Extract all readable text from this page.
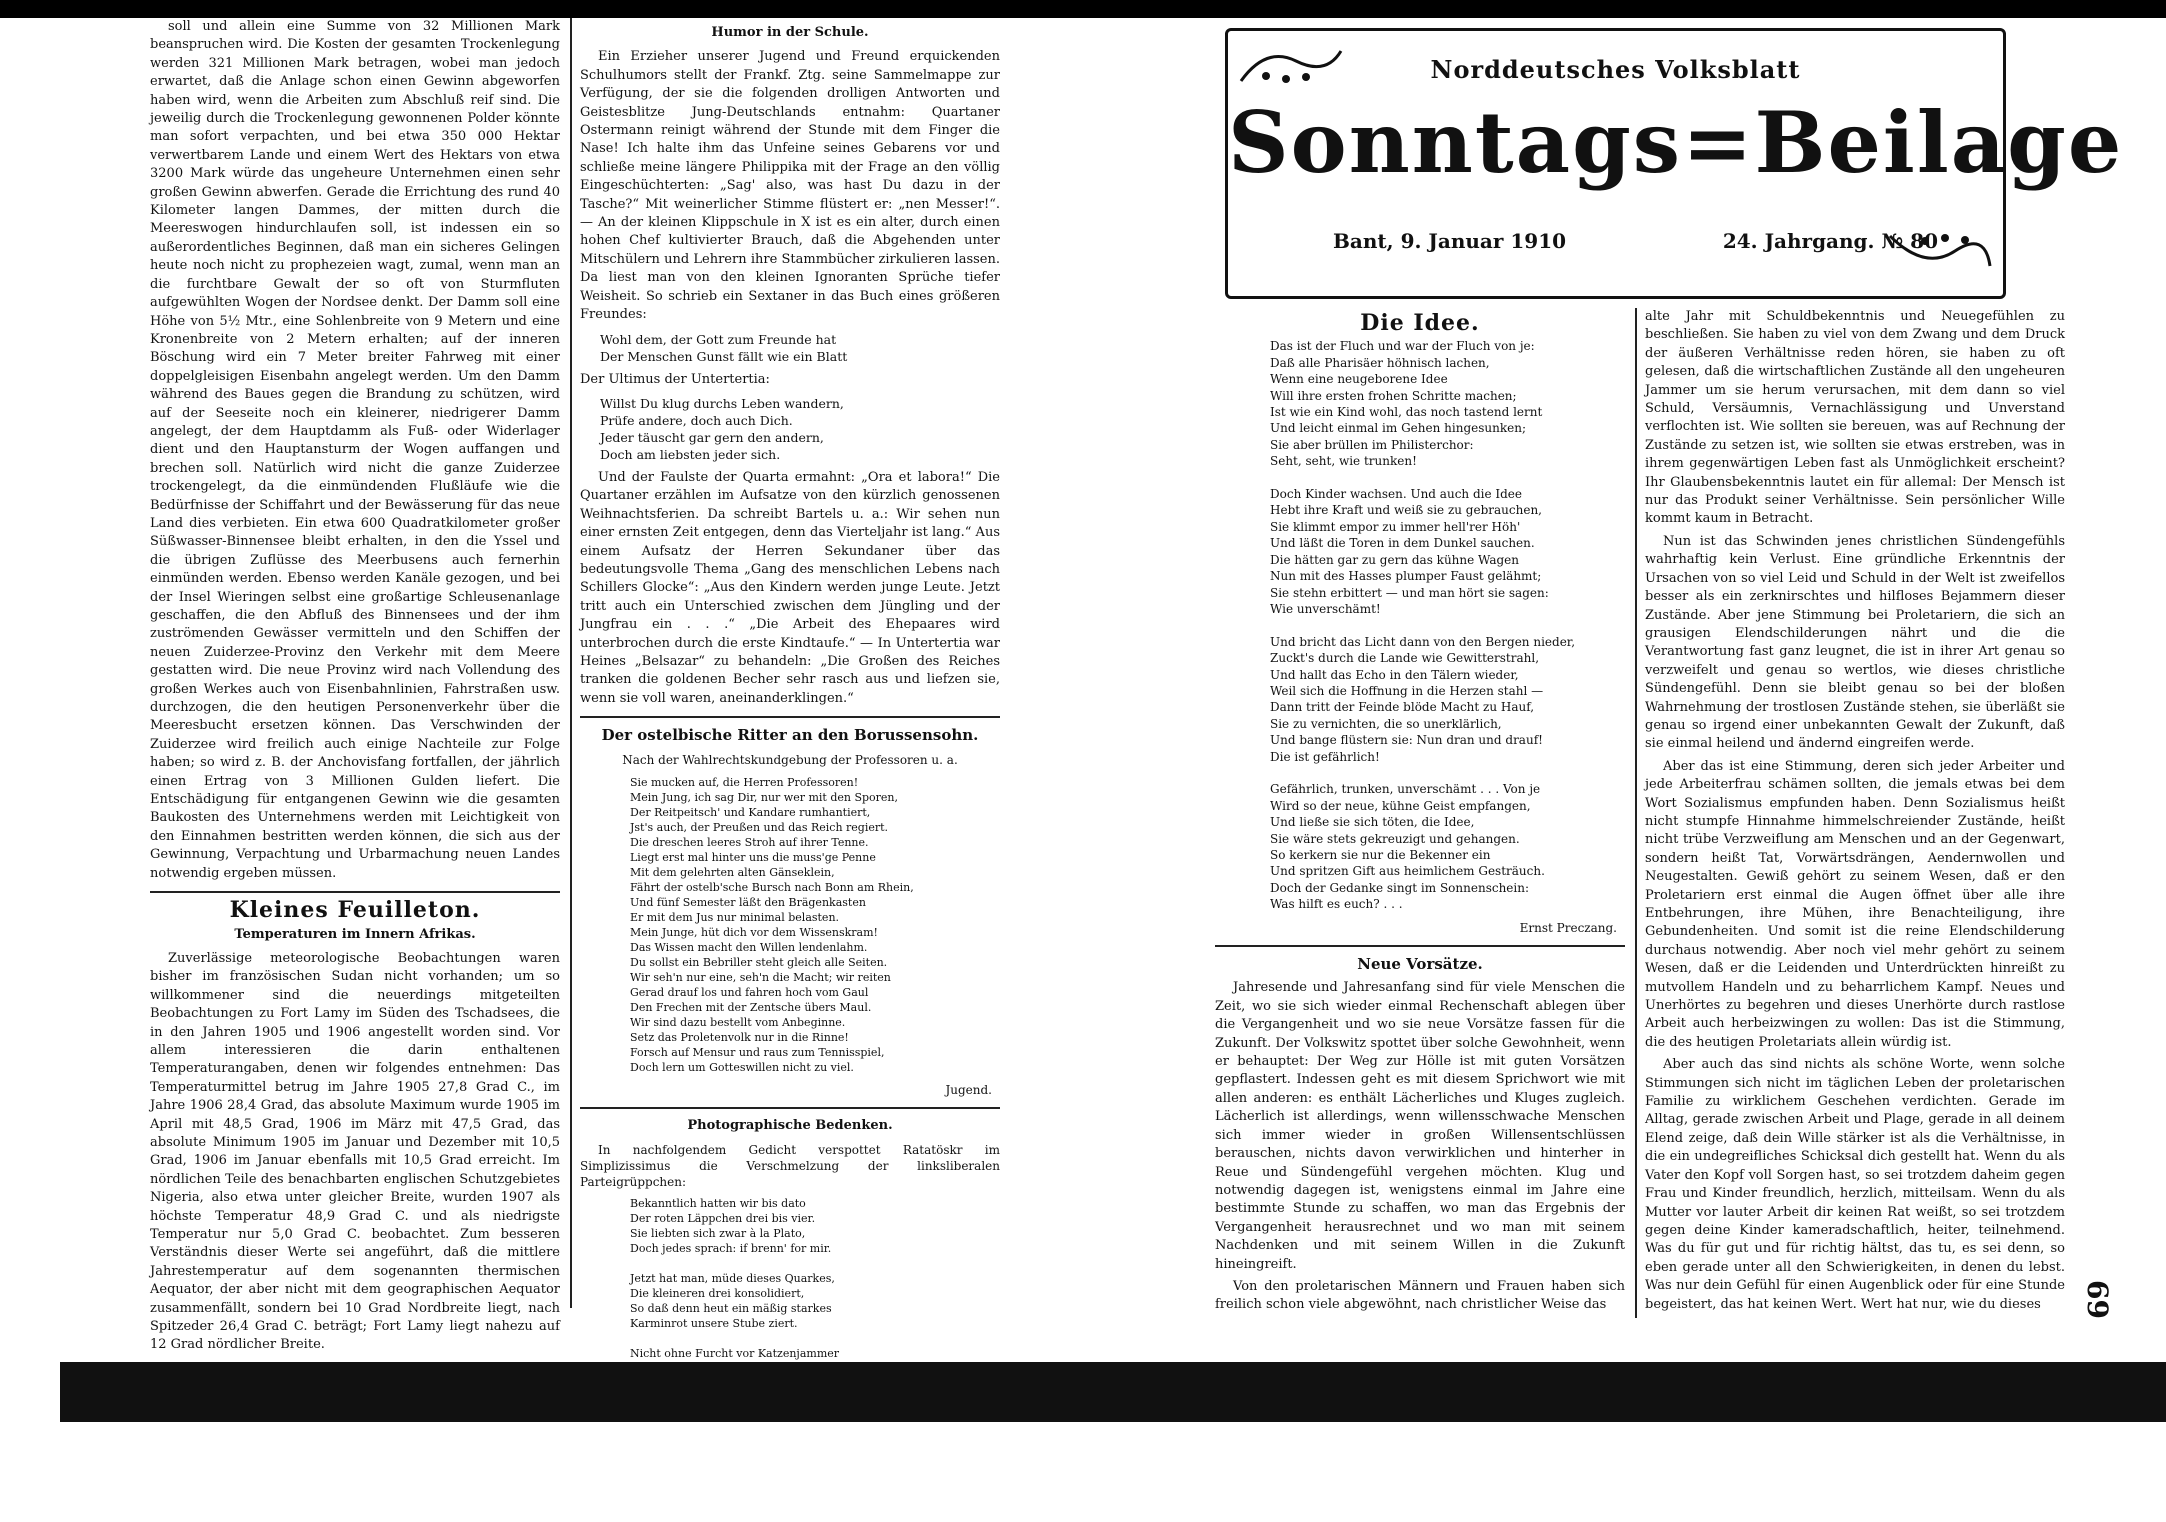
soll und allein eine Summe von 32 Millionen Mark beanspruchen wird. Die Kosten der gesamten Trockenlegung werden 321 Millionen Mark betragen, wobei man jedoch erwartet, daß die Anlage schon einen Gewinn abgeworfen haben wird, wenn die Arbeiten zum Abschluß reif sind. Die jeweilig durch die Trockenlegung gewonnenen Polder könnte man sofort verpachten, und bei etwa 350 000 Hektar verwertbarem Lande und einem Wert des Hektars von etwa 3200 Mark würde das ungeheure Unternehmen einen sehr großen Gewinn abwerfen. Gerade die Errichtung des rund 40 Kilometer langen Dammes, der mitten durch die Meereswogen hindurchlaufen soll, ist indessen ein so außerordentliches Beginnen, daß man ein sicheres Gelingen heute noch nicht zu prophezeien wagt, zumal, wenn man an die furchtbare Gewalt der so oft von Sturmfluten aufgewühlten Wogen der Nordsee denkt. Der Damm soll eine Höhe von 5½ Mtr., eine Sohlenbreite von 9 Metern und eine Kronenbreite von 2 Metern erhalten; auf der inneren Böschung wird ein 7 Meter breiter Fahrweg mit einer doppelgleisigen Eisenbahn angelegt werden. Um den Damm während des Baues gegen die Brandung zu schützen, wird auf der Seeseite noch ein kleinerer, niedrigerer Damm angelegt, der dem Hauptdamm als Fuß- oder Widerlager dient und den Hauptansturm der Wogen auffangen und brechen soll. Natürlich wird nicht die ganze Zuiderzee trockengelegt, da die einmündenden Flußläufe wie die Bedürfnisse der Schiffahrt und der Bewässerung für das neue Land dies verbieten. Ein etwa 600 Quadratkilometer großer Süßwasser-Binnensee bleibt erhalten, in den die Yssel und die übrigen Zuflüsse des Meerbusens auch fernerhin einmünden werden. Ebenso werden Kanäle gezogen, und bei der Insel Wieringen selbst eine großartige Schleusenanlage geschaffen, die den Abfluß des Binnensees und der ihm zuströmenden Gewässer vermitteln und den Schiffen der neuen Zuiderzee-Provinz den Verkehr mit dem Meere gestatten wird. Die neue Provinz wird nach Vollendung des großen Werkes auch von Eisenbahnlinien, Fahrstraßen usw. durchzogen, die den heutigen Personenverkehr über die Meeresbucht ersetzen können. Das Verschwinden der Zuiderzee wird freilich auch einige Nachteile zur Folge haben; so wird z. B. der Anchovisfang fortfallen, der jährlich einen Ertrag von 3 Millionen Gulden liefert. Die Entschädigung für entgangenen Gewinn wie die gesamten Baukosten des Unternehmens werden mit Leichtigkeit von den Einnahmen bestritten werden können, die sich aus der Gewinnung, Verpachtung und Urbarmachung neuen Landes notwendig ergeben müssen.

Kleines Feuilleton.
Temperaturen im Innern Afrikas.

Zuverlässige meteorologische Beobachtungen waren bisher im französischen Sudan nicht vorhanden; um so willkommener sind die neuerdings mitgeteilten Beobachtungen zu Fort Lamy im Süden des Tschadsees, die in den Jahren 1905 und 1906 angestellt worden sind. Vor allem interessieren die darin enthaltenen Temperaturangaben, denen wir folgendes entnehmen: Das Temperaturmittel betrug im Jahre 1905 27,8 Grad C., im Jahre 1906 28,4 Grad, das absolute Maximum wurde 1905 im April mit 48,5 Grad, 1906 im März mit 47,5 Grad, das absolute Minimum 1905 im Januar und Dezember mit 10,5 Grad, 1906 im Januar ebenfalls mit 10,5 Grad erreicht. Im nördlichen Teile des benachbarten englischen Schutzgebietes Nigeria, also etwa unter gleicher Breite, wurden 1907 als höchste Temperatur 48,9 Grad C. und als niedrigste Temperatur nur 5,0 Grad C. beobachtet. Zum besseren Verständnis dieser Werte sei angeführt, daß die mittlere Jahrestemperatur auf dem sogenannten thermischen Aequator, der aber nicht mit dem geographischen Aequator zusammenfällt, sondern bei 10 Grad Nordbreite liegt, nach Spitzeder 26,4 Grad C. beträgt; Fort Lamy liegt nahezu auf 12 Grad nördlicher Breite.

Humor in der Schule.

Ein Erzieher unserer Jugend und Freund erquickenden Schulhumors stellt der Frankf. Ztg. seine Sammelmappe zur Verfügung, der sie die folgenden drolligen Antworten und Geistesblitze Jung-Deutschlands entnahm: Quartaner Ostermann reinigt während der Stunde mit dem Finger die Nase! Ich halte ihm das Unfeine seines Gebarens vor und schließe meine längere Philippika mit der Frage an den völlig Eingeschüchterten: „Sag' also, was hast Du dazu in der Tasche?“ Mit weinerlicher Stimme flüstert er: „nen Messer!“. — An der kleinen Klippschule in X ist es ein alter, durch einen hohen Chef kultivierter Brauch, daß die Abgehenden unter Mitschülern und Lehrern ihre Stammbücher zirkulieren lassen. Da liest man von den kleinen Ignoranten Sprüche tiefer Weisheit. So schrieb ein Sextaner in das Buch eines größeren Freundes:

Wohl dem, der Gott zum Freunde hat
Der Menschen Gunst fällt wie ein Blatt

Der Ultimus der Untertertia:

Willst Du klug durchs Leben wandern,
Prüfe andere, doch auch Dich.
Jeder täuscht gar gern den andern,
Doch am liebsten jeder sich.

Und der Faulste der Quarta ermahnt: „Ora et labora!“ Die Quartaner erzählen im Aufsatze von den kürzlich genossenen Weihnachtsferien. Da schreibt Bartels u. a.: Wir sehen nun einer ernsten Zeit entgegen, denn das Vierteljahr ist lang.“ Aus einem Aufsatz der Herren Sekundaner über das bedeutungsvolle Thema „Gang des menschlichen Lebens nach Schillers Glocke“: „Aus den Kindern werden junge Leute. Jetzt tritt auch ein Unterschied zwischen dem Jüngling und der Jungfrau ein . . .“ „Die Arbeit des Ehepaares wird unterbrochen durch die erste Kindtaufe.“ — In Untertertia war Heines „Belsazar“ zu behandeln: „Die Großen des Reiches tranken die goldenen Becher sehr rasch aus und liefzen sie, wenn sie voll waren, aneinanderklingen.“

Der ostelbische Ritter an den Borussensohn.
Nach der Wahlrechtskundgebung der Professoren u. a.
Sie mucken auf, die Herren Professoren!
Mein Jung, ich sag Dir, nur wer mit den Sporen,
Der Reitpeitsch' und Kandare rumhantiert,
Jst's auch, der Preußen und das Reich regiert.
Die dreschen leeres Stroh auf ihrer Tenne.
Liegt erst mal hinter uns die muss'ge Penne
Mit dem gelehrten alten Gänseklein,
Fährt der ostelb'sche Bursch nach Bonn am Rhein,
Und fünf Semester läßt den Brägenkasten
Er mit dem Jus nur minimal belasten.
Mein Junge, hüt dich vor dem Wissenskram!
Das Wissen macht den Willen lendenlahm.
Du sollst ein Bebriller steht gleich alle Seiten.
Wir seh'n nur eine, seh'n die Macht; wir reiten
Gerad drauf los und fahren hoch vom Gaul
Den Frechen mit der Zentsche übers Maul.
Wir sind dazu bestellt vom Anbeginne.
Setz das Proletenvolk nur in die Rinne!
Forsch auf Mensur und raus zum Tennisspiel,
Doch lern um Gotteswillen nicht zu viel.
Jugend.
Photographische Bedenken.

In nachfolgendem Gedicht verspottet Ratatöskr im Simplizissimus die Verschmelzung der linksliberalen Parteigrüppchen:

Bekanntlich hatten wir bis dato
Der roten Läppchen drei bis vier.
Sie liebten sich zwar à la Plato,
Doch jedes sprach: if brenn' for mir.

Jetzt hat man, müde dieses Quarkes,
Die kleineren drei konsolidiert,
So daß denn heut ein mäßig starkes
Karminrot unsere Stube ziert.

Nicht ohne Furcht vor Katzenjammer

Norddeutsches Volksblatt
Sonntags=Beilage
Bant, 9. Januar 1910	24. Jahrgang. № 80
Die Idee.
Das ist der Fluch und war der Fluch von je:
Daß alle Pharisäer höhnisch lachen,
Wenn eine neugeborene Idee
Will ihre ersten frohen Schritte machen;
Ist wie ein Kind wohl, das noch tastend lernt
Und leicht einmal im Gehen hingesunken;
Sie aber brüllen im Philisterchor:
Seht, seht, wie trunken!

Doch Kinder wachsen. Und auch die Idee
Hebt ihre Kraft und weiß sie zu gebrauchen,
Sie klimmt empor zu immer hell'rer Höh'
Und läßt die Toren in dem Dunkel sauchen.
Die hätten gar zu gern das kühne Wagen
Nun mit des Hasses plumper Faust gelähmt;
Sie stehn erbittert — und man hört sie sagen:
Wie unverschämt!

Und bricht das Licht dann von den Bergen nieder,
Zuckt's durch die Lande wie Gewitterstrahl,
Und hallt das Echo in den Tälern wieder,
Weil sich die Hoffnung in die Herzen stahl —
Dann tritt der Feinde blöde Macht zu Hauf,
Sie zu vernichten, die so unerklärlich,
Und bange flüstern sie: Nun dran und drauf!
Die ist gefährlich!

Gefährlich, trunken, unverschämt . . . Von je
Wird so der neue, kühne Geist empfangen,
Und ließe sie sich töten, die Idee,
Sie wäre stets gekreuzigt und gehangen.
So kerkern sie nur die Bekenner ein
Und spritzen Gift aus heimlichem Gesträuch.
Doch der Gedanke singt im Sonnenschein:
Was hilft es euch? . . .
Ernst Preczang.
Neue Vorsätze.

Jahresende und Jahresanfang sind für viele Menschen die Zeit, wo sie sich wieder einmal Rechenschaft ablegen über die Vergangenheit und wo sie neue Vorsätze fassen für die Zukunft. Der Volkswitz spottet über solche Gewohnheit, wenn er behauptet: Der Weg zur Hölle ist mit guten Vorsätzen gepflastert. Indessen geht es mit diesem Sprichwort wie mit allen anderen: es enthält Lächerliches und Kluges zugleich. Lächerlich ist allerdings, wenn willensschwache Menschen sich immer wieder in großen Willensentschlüssen berauschen, nichts davon verwirklichen und hinterher in Reue und Sündengefühl vergehen möchten. Klug und notwendig dagegen ist, wenigstens einmal im Jahre eine bestimmte Stunde zu schaffen, wo man das Ergebnis der Vergangenheit herausrechnet und wo man mit seinem Nachdenken und mit seinem Willen in die Zukunft hineingreift.

Von den proletarischen Männern und Frauen haben sich freilich schon viele abgewöhnt, nach christlicher Weise das

alte Jahr mit Schuldbekenntnis und Neuegefühlen zu beschließen. Sie haben zu viel von dem Zwang und dem Druck der äußeren Verhältnisse reden hören, sie haben zu oft gelesen, daß die wirtschaftlichen Zustände all den ungeheuren Jammer um sie herum verursachen, mit dem dann so viel Schuld, Versäumnis, Vernachlässigung und Unverstand verflochten ist. Wie sollten sie bereuen, was auf Rechnung der Zustände zu setzen ist, wie sollten sie etwas erstreben, was in ihrem gegenwärtigen Leben fast als Unmöglichkeit erscheint? Ihr Glaubensbekenntnis lautet ein für allemal: Der Mensch ist nur das Produkt seiner Verhältnisse. Sein persönlicher Wille kommt kaum in Betracht.

Nun ist das Schwinden jenes christlichen Sündengefühls wahrhaftig kein Verlust. Eine gründliche Erkenntnis der Ursachen von so viel Leid und Schuld in der Welt ist zweifellos besser als ein zerknirschtes und hilfloses Bejammern dieser Zustände. Aber jene Stimmung bei Proletariern, die sich an grausigen Elendschilderungen nährt und die die Verantwortung fast ganz leugnet, die ist in ihrer Art genau so verzweifelt und genau so wertlos, wie dieses christliche Sündengefühl. Denn sie bleibt genau so bei der bloßen Wahrnehmung der trostlosen Zustände stehen, sie überläßt sie genau so irgend einer unbekannten Gewalt der Zukunft, daß sie einmal heilend und ändernd eingreifen werde.

Aber das ist eine Stimmung, deren sich jeder Arbeiter und jede Arbeiterfrau schämen sollten, die jemals etwas bei dem Wort Sozialismus empfunden haben. Denn Sozialismus heißt nicht stumpfe Hinnahme himmelschreiender Zustände, heißt nicht trübe Verzweiflung am Menschen und an der Gegenwart, sondern heißt Tat, Vorwärtsdrängen, Aendernwollen und Neugestalten. Gewiß gehört zu seinem Wesen, daß er den Proletariern erst einmal die Augen öffnet über alle ihre Entbehrungen, ihre Mühen, ihre Benachteiligung, ihre Gebundenheiten. Und somit ist die reine Elendschilderung durchaus notwendig. Aber noch viel mehr gehört zu seinem Wesen, daß er die Leidenden und Unterdrückten hinreißt zu mutvollem Handeln und zu beharrlichem Kampf. Neues und Unerhörtes zu begehren und dieses Unerhörte durch rastlose Arbeit auch herbeizwingen zu wollen: Das ist die Stimmung, die des heutigen Proletariats allein würdig ist.

Aber auch das sind nichts als schöne Worte, wenn solche Stimmungen sich nicht im täglichen Leben der proletarischen Familie zu wirklichem Geschehen verdichten. Gerade im Alltag, gerade zwischen Arbeit und Plage, gerade in all deinem Elend zeige, daß dein Wille stärker ist als die Verhältnisse, in die ein undegreifliches Schicksal dich gestellt hat. Wenn du als Vater den Kopf voll Sorgen hast, so sei trotzdem daheim gegen Frau und Kinder freundlich, herzlich, mitteilsam. Wenn du als Mutter vor lauter Arbeit dir keinen Rat weißt, so sei trotzdem gegen deine Kinder kameradschaftlich, heiter, teilnehmend. Was du für gut und für richtig hältst, das tu, es sei denn, so eben gerade unter all den Schwierigkeiten, in denen du lebst. Was nur dein Gefühl für einen Augenblick oder für eine Stunde begeistert, das hat keinen Wert. Wert hat nur, wie du dieses	69
